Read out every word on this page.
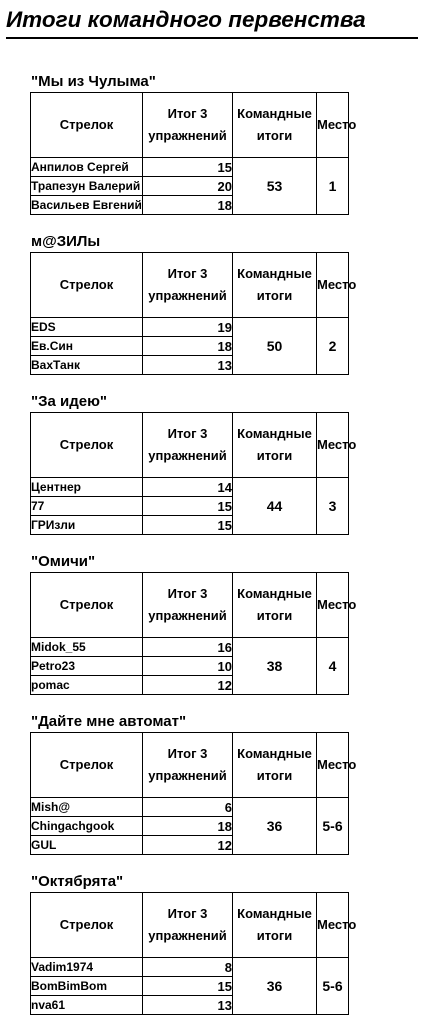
Итоги командного первенства
"Мы из Чулыма"
Стрелок	Итог 3 упражнений	Командные итоги	Место
Анпилов Сергей	15	53	1
Трапезун Валерий	20		
Васильев Евгений	18		
м@ЗИЛы
Стрелок	Итог 3 упражнений	Командные итоги	Место
EDS	19	50	2
Ев.Син	18		
ВахТанк	13		
"За идею"
Стрелок	Итог 3 упражнений	Командные итоги	Место
Центнер	14	44	3
77	15		
ГРИзли	15		
"Омичи"
Стрелок	Итог 3 упражнений	Командные итоги	Место
Midok_55	16	38	4
Petro23	10		
pomac	12		
"Дайте мне автомат"
Стрелок	Итог 3 упражнений	Командные итоги	Место
Mish@	6	36	5-6
Chingachgook	18		
GUL	12		
"Октябрята"
Стрелок	Итог 3 упражнений	Командные итоги	Место
Vadim1974	8	36	5-6
BomBimBom	15		
nva61	13		
